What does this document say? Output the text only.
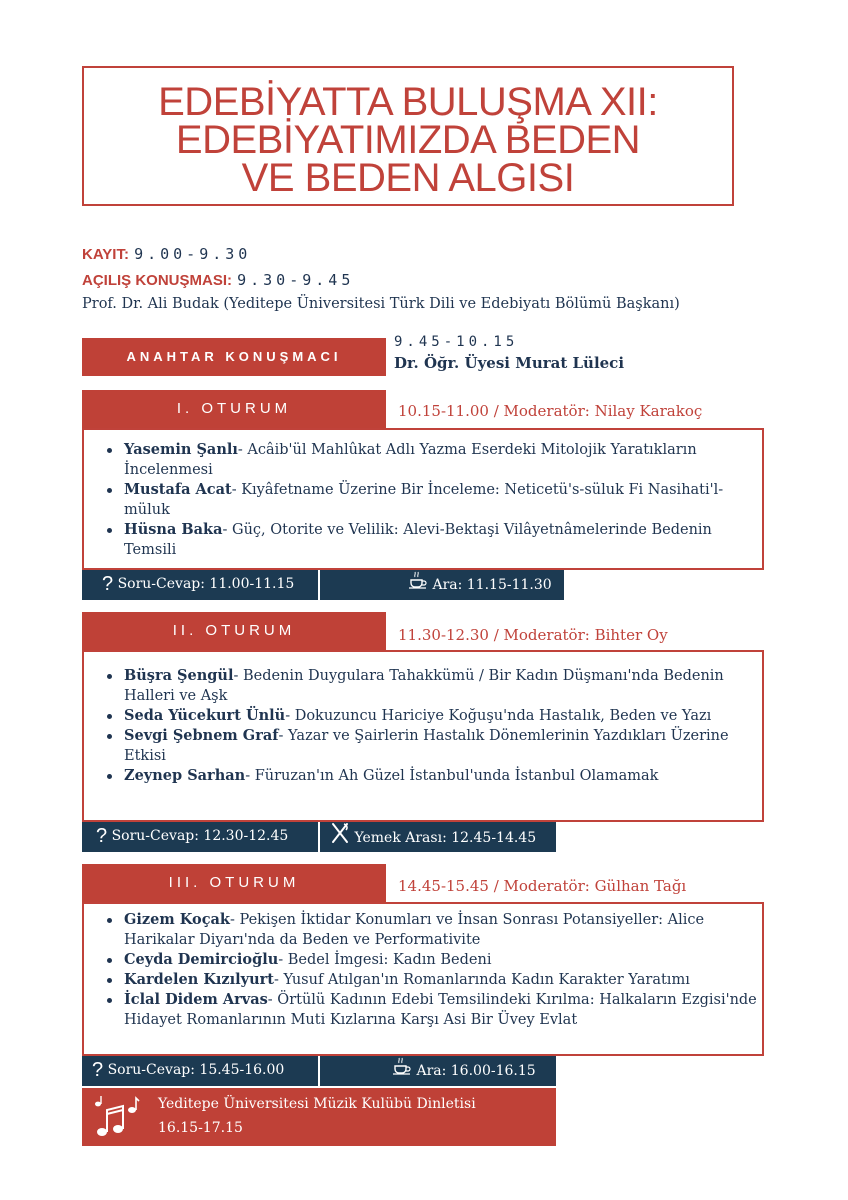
EDEBİYATTA BULUŞMA XII:
EDEBİYATIMIZDA BEDEN
VE BEDEN ALGISI
KAYIT: 9.00-9.30
AÇILIŞ KONUŞMASI: 9.30-9.45
Prof. Dr. Ali Budak (Yeditepe Üniversitesi Türk Dili ve Edebiyatı Bölümü Başkanı)
ANAHTAR KONUŞMACI
9.45-10.15
Dr. Öğr. Üyesi Murat Lüleci
I. OTURUM	10.15-11.00 / Moderatör: Nilay Karakoç
Yasemin Şanlı- Acâib'ül Mahlûkat Adlı Yazma Eserdeki Mitolojik Yaratıkların İncelenmesi
Mustafa Acat- Kıyâfetname Üzerine Bir İnceleme: Neticetü's-süluk Fi Nasihati'l-müluk
Hüsna Baka- Güç, Otorite ve Velilik: Alevi-Bektaşi Vilâyetnâmelerinde Bedenin Temsili
? Soru-Cevap: 11.00-11.15	Ara: 11.15-11.30
II. OTURUM	11.30-12.30 / Moderatör: Bihter Oy
Büşra Şengül- Bedenin Duygulara Tahakkümü / Bir Kadın Düşmanı'nda Bedenin Halleri ve Aşk
Seda Yücekurt Ünlü- Dokuzuncu Hariciye Koğuşu'nda Hastalık, Beden ve Yazı
Sevgi Şebnem Graf- Yazar ve Şairlerin Hastalık Dönemlerinin Yazdıkları Üzerine Etkisi
Zeynep Sarhan- Füruzan'ın Ah Güzel İstanbul'unda İstanbul Olamamak
? Soru-Cevap: 12.30-12.45	Yemek Arası: 12.45-14.45
III. OTURUM	14.45-15.45 / Moderatör: Gülhan Tağı
Gizem Koçak- Pekişen İktidar Konumları ve İnsan Sonrası Potansiyeller: Alice Harikalar Diyarı'nda da Beden ve Performativite
Ceyda Demircioğlu- Bedel İmgesi: Kadın Bedeni
Kardelen Kızılyurt- Yusuf Atılgan'ın Romanlarında Kadın Karakter Yaratımı
İclal Didem Arvas- Örtülü Kadının Edebi Temsilindeki Kırılma: Halkaların Ezgisi'nde Hidayet Romanlarının Muti Kızlarına Karşı Asi Bir Üvey Evlat
? Soru-Cevap: 15.45-16.00	Ara: 16.00-16.15
Yeditepe Üniversitesi Müzik Kulübü Dinletisi
16.15-17.15
